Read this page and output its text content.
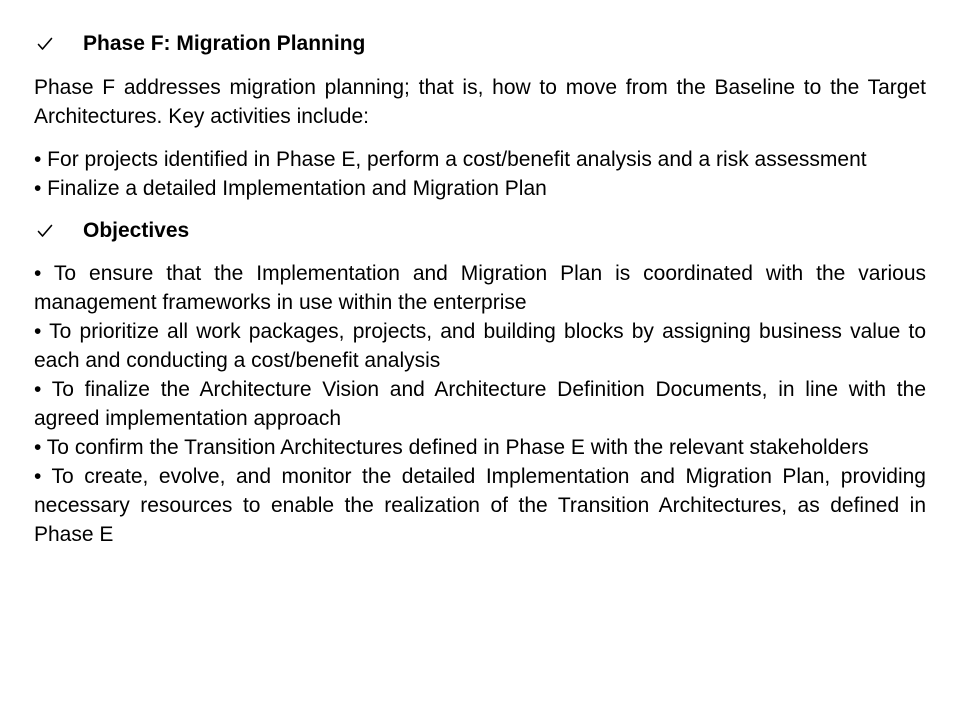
Phase F: Migration Planning

Phase F addresses migration planning; that is, how to move from the Baseline to the Target Architectures. Key activities include:

• For projects identified in Phase E, perform a cost/benefit analysis and a risk assessment

• Finalize a detailed Implementation and Migration Plan

Objectives

• To ensure that the Implementation and Migration Plan is coordinated with the various management frameworks in use within the enterprise

• To prioritize all work packages, projects, and building blocks by assigning business value to each and conducting a cost/benefit analysis

• To finalize the Architecture Vision and Architecture Definition Documents, in line with the agreed implementation approach

• To confirm the Transition Architectures defined in Phase E with the relevant stakeholders

• To create, evolve, and monitor the detailed Implementation and Migration Plan, providing necessary resources to enable the realization of the Transition Architectures, as defined in Phase E
